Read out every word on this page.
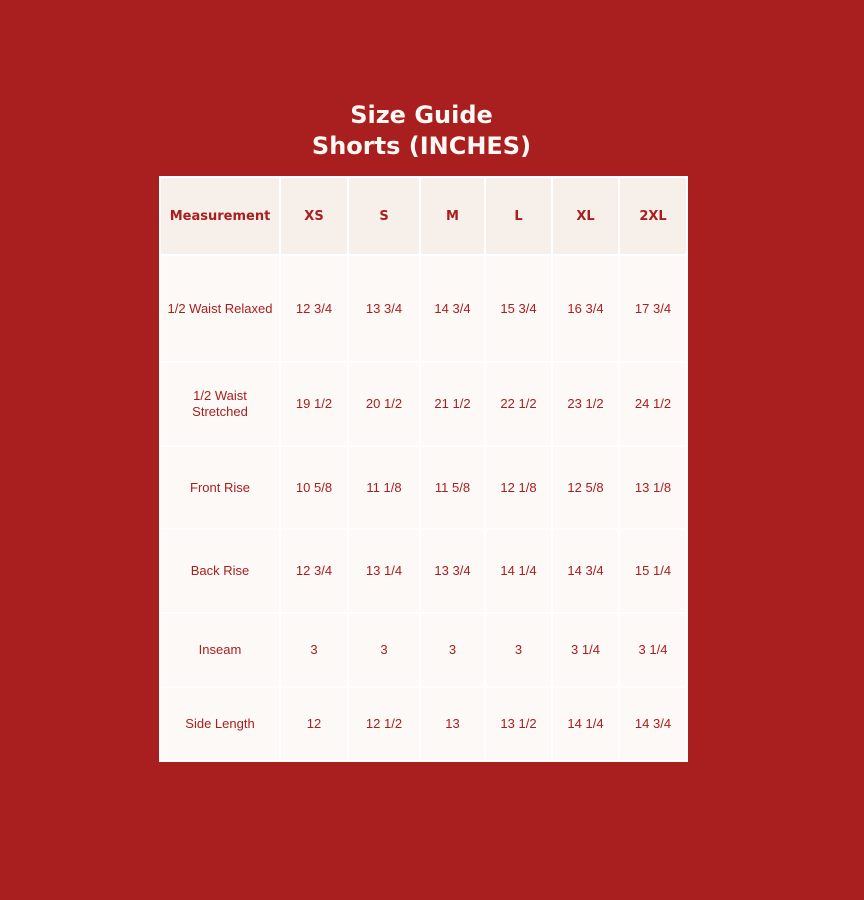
Size Guide
Shorts (INCHES)
Measurement	XS	S	M	L	XL	2XL
1/2 Waist Relaxed	12 3/4	13 3/4	14 3/4	15 3/4	16 3/4	17 3/4
1/2 Waist Stretched	19 1/2	20 1/2	21 1/2	22 1/2	23 1/2	24 1/2
Front Rise	10 5/8	11 1/8	11 5/8	12 1/8	12 5/8	13 1/8
Back Rise	12 3/4	13 1/4	13 3/4	14 1/4	14 3/4	15 1/4
Inseam	3	3	3	3	3 1/4	3 1/4
Side Length	12	12 1/2	13	13 1/2	14 1/4	14 3/4
